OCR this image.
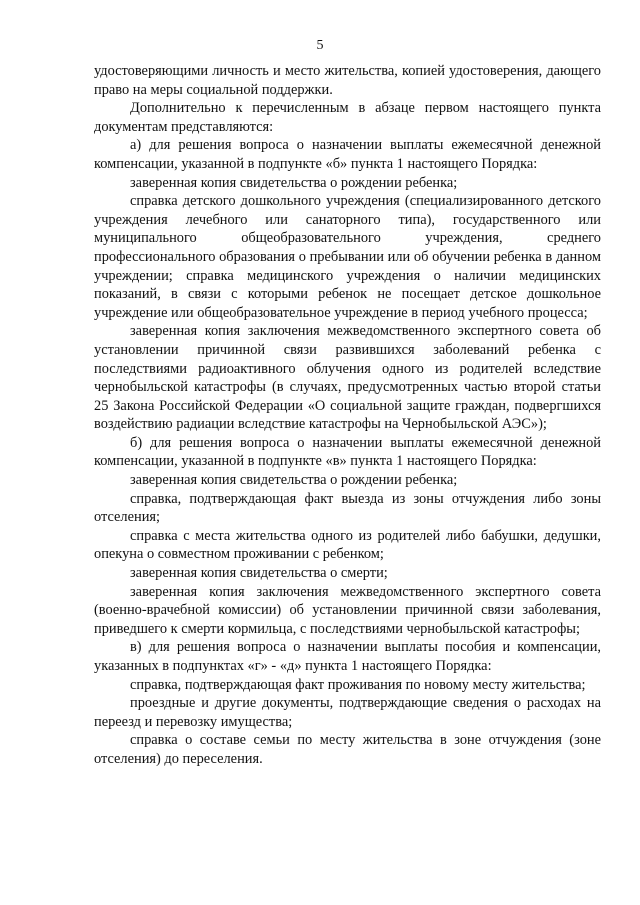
5

удостоверяющими личность и место жительства, копией удостоверения, дающего право на меры социальной поддержки.

Дополнительно к перечисленным в абзаце первом настоящего пункта документам представляются:

а) для решения вопроса о назначении выплаты ежемесячной денежной компенсации, указанной в подпункте «б» пункта 1 настоящего Порядка:

заверенная копия свидетельства о рождении ребенка;

справка детского дошкольного учреждения (специализированного детского учреждения лечебного или санаторного типа), государственного или муниципального общеобразовательного учреждения, среднего профессионального образования о пребывании или об обучении ребенка в данном учреждении; справка медицинского учреждения о наличии медицинских показаний, в связи с которыми ребенок не посещает детское дошкольное учреждение или общеобразовательное учреждение в период учебного процесса;

заверенная копия заключения межведомственного экспертного совета об установлении причинной связи развившихся заболеваний ребенка с последствиями радиоактивного облучения одного из родителей вследствие чернобыльской катастрофы (в случаях, предусмотренных частью второй статьи 25 Закона Российской Федерации «О социальной защите граждан, подвергшихся воздействию радиации вследствие катастрофы на Чернобыльской АЭС»);

б) для решения вопроса о назначении выплаты ежемесячной денежной компенсации, указанной в подпункте «в» пункта 1 настоящего Порядка:

заверенная копия свидетельства о рождении ребенка;

справка, подтверждающая факт выезда из зоны отчуждения либо зоны отселения;

справка с места жительства одного из родителей либо бабушки, дедушки, опекуна о совместном проживании с ребенком;

заверенная копия свидетельства о смерти;

заверенная копия заключения межведомственного экспертного совета (военно-врачебной комиссии) об установлении причинной связи заболевания, приведшего к смерти кормильца, с последствиями чернобыльской катастрофы;

в) для решения вопроса о назначении выплаты пособия и компенсации, указанных в подпунктах «г» - «д» пункта 1 настоящего Порядка:

справка, подтверждающая факт проживания по новому месту жительства;

проездные и другие документы, подтверждающие сведения о расходах на переезд и перевозку имущества;

справка о составе семьи по месту жительства в зоне отчуждения (зоне отселения) до переселения.
